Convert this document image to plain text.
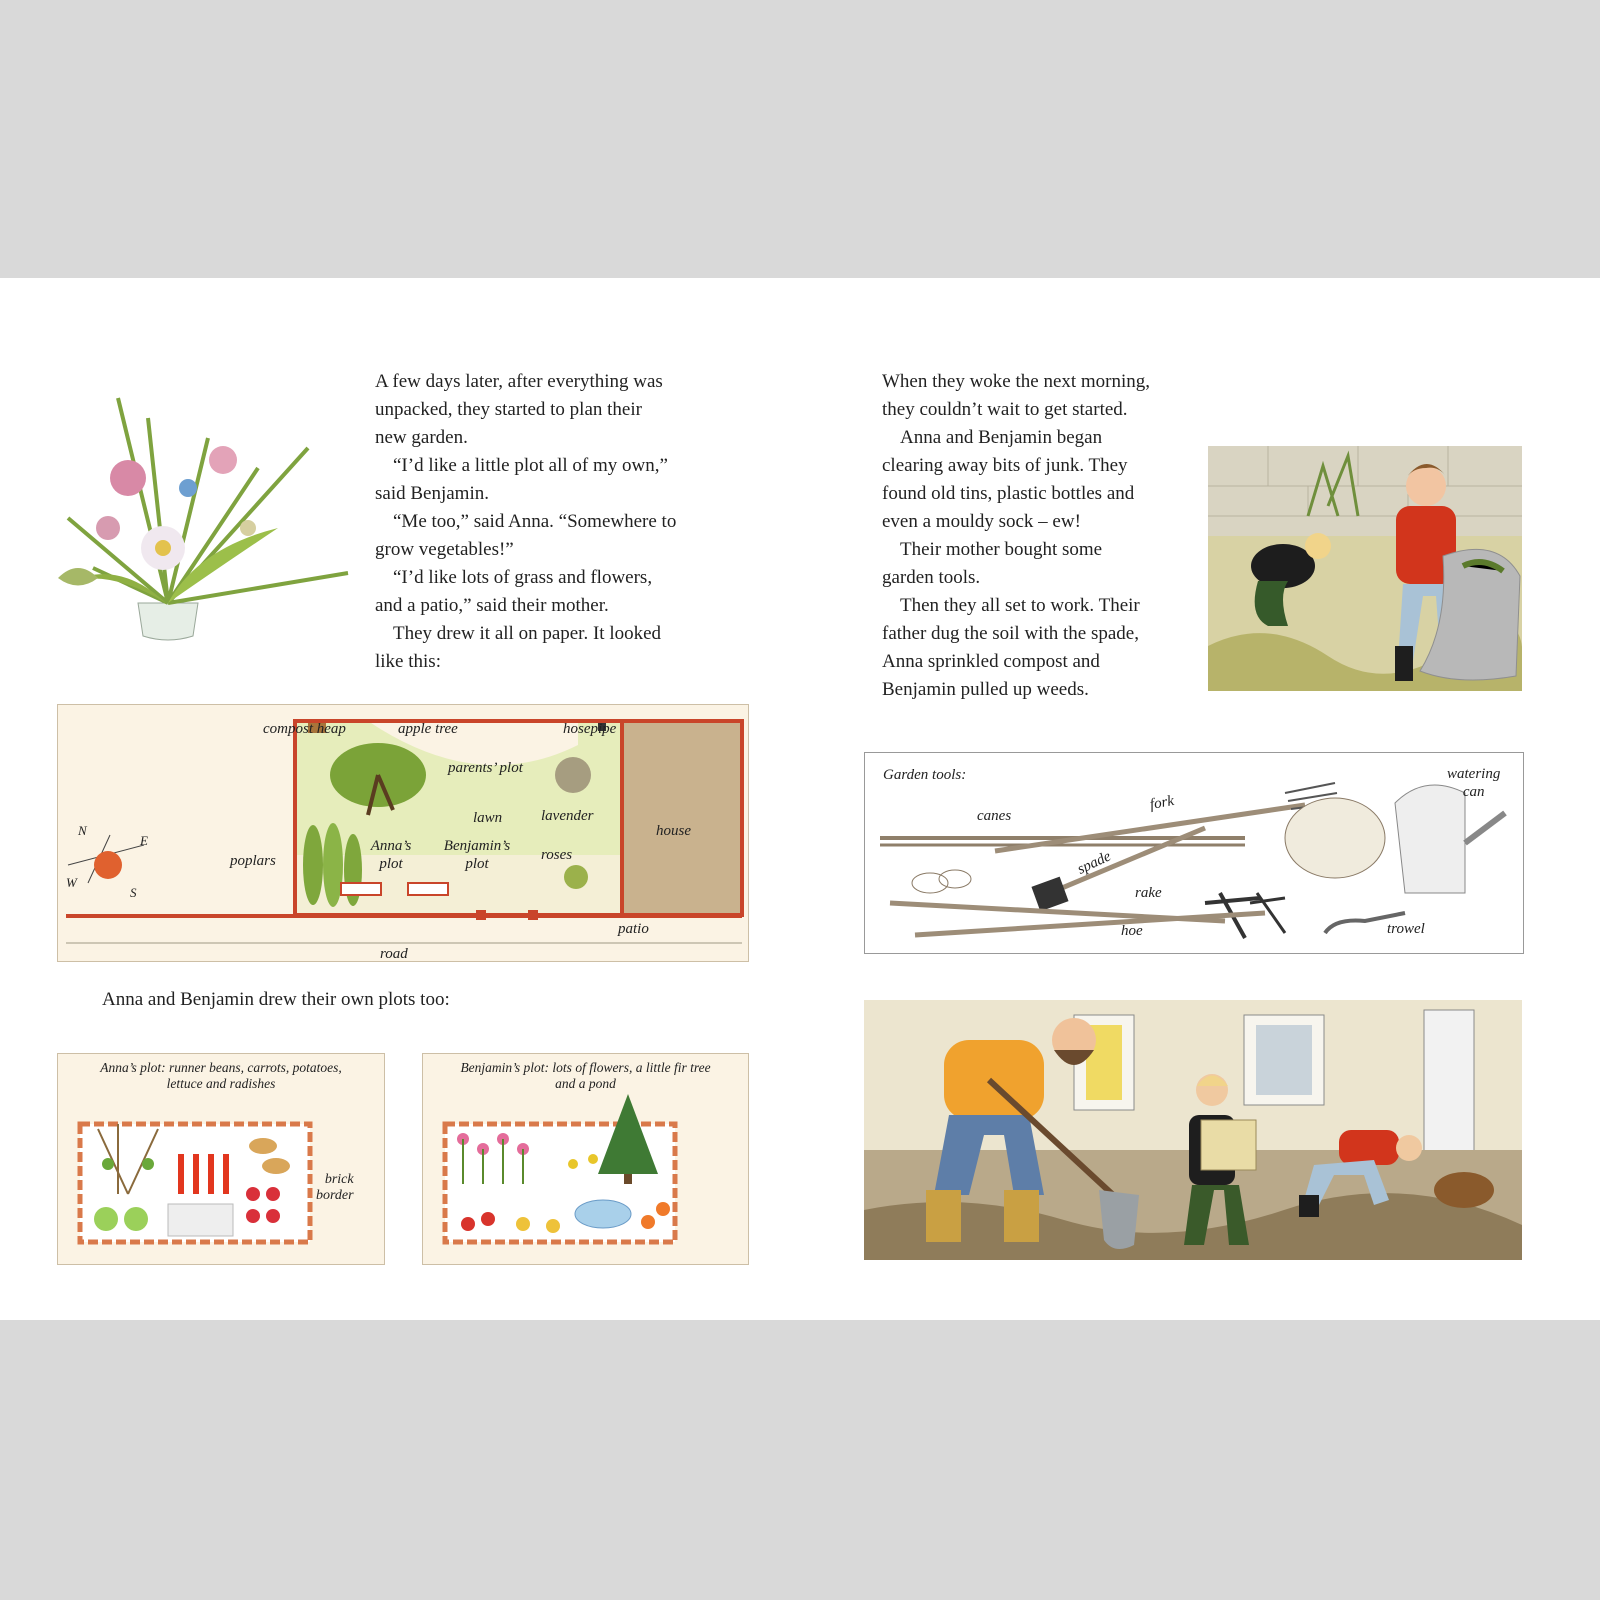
A few days later, after everything was
unpacked, they started to plan their
new garden.
“I’d like a little plot all of my own,”
said Benjamin.
“Me too,” said Anna. “Somewhere to
grow vegetables!”
“I’d like lots of grass and flowers,
and a patio,” said their mother.
They drew it all on paper. It looked
like this:
When they woke the next morning,
they couldn’t wait to get started.
Anna and Benjamin began
clearing away bits of junk. They
found old tins, plastic bottles and
even a mouldy sock – ew!
Their mother bought some
garden tools.
Then they all set to work. Their
father dug the soil with the spade,
Anna sprinkled compost and
Benjamin pulled up weeds.
compost heap	apple tree	hosepipe
parents’ plot
lawn	lavender
house
Anna’s plot
Benjamin’s plot
roses
poplars
patio
road
N
E
W
S
Anna and Benjamin drew their own plots too:
Anna’s plot: runner beans, carrots, potatoes,
lettuce and radishes
brick
border
Benjamin’s plot: lots of flowers, a little fir tree
and a pond
Garden tools:
canes
fork
spade
rake
hoe
watering
can
trowel
